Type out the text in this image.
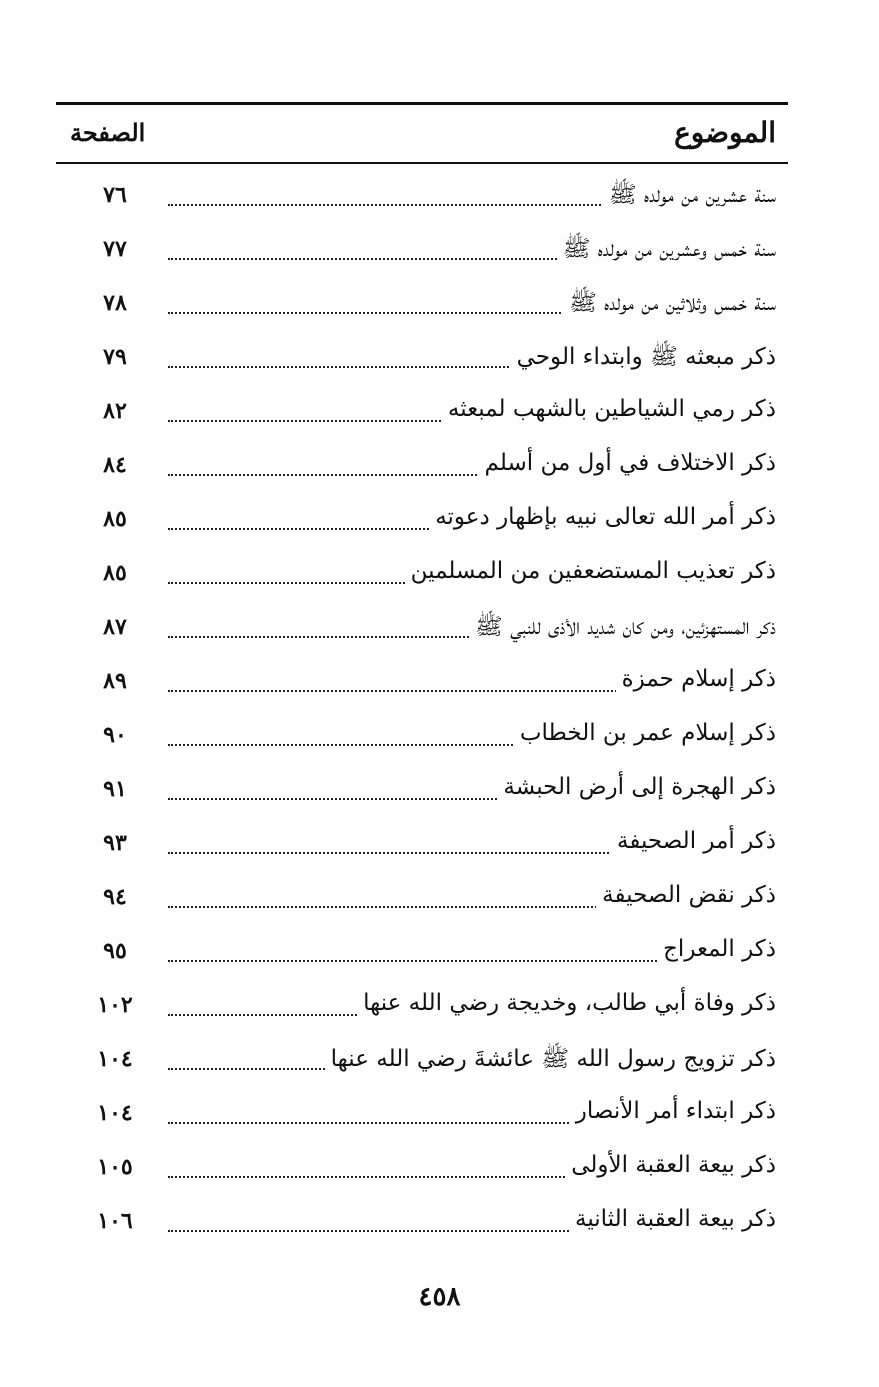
الموضوع
الصفحة
سنة عشرين من مولده ﷺ
٧٦
سنة خمس وعشرين من مولده ﷺ
٧٧
سنة خمس وثلاثين من مولده ﷺ
٧٨
ذكر مبعثه ﷺ وابتداء الوحي
٧٩
ذكر رمي الشياطين بالشهب لمبعثه
٨٢
ذكر الاختلاف في أول من أسلم
٨٤
ذكر أمر الله تعالى نبيه بإظهار دعوته
٨٥
ذكر تعذيب المستضعفين من المسلمين
٨٥
ذكر المستهزئين، ومن كان شديد الأذى للنبي ﷺ
٨٧
ذكر إسلام حمزة
٨٩
ذكر إسلام عمر بن الخطاب
٩٠
ذكر الهجرة إلى أرض الحبشة
٩١
ذكر أمر الصحيفة
٩٣
ذكر نقض الصحيفة
٩٤
ذكر المعراج
٩٥
ذكر وفاة أبي طالب، وخديجة رضي الله عنها
١٠٢
ذكر تزويج رسول الله ﷺ عائشةَ رضي الله عنها
١٠٤
ذكر ابتداء أمر الأنصار
١٠٤
ذكر بيعة العقبة الأولى
١٠٥
ذكر بيعة العقبة الثانية
١٠٦
٤٥٨
